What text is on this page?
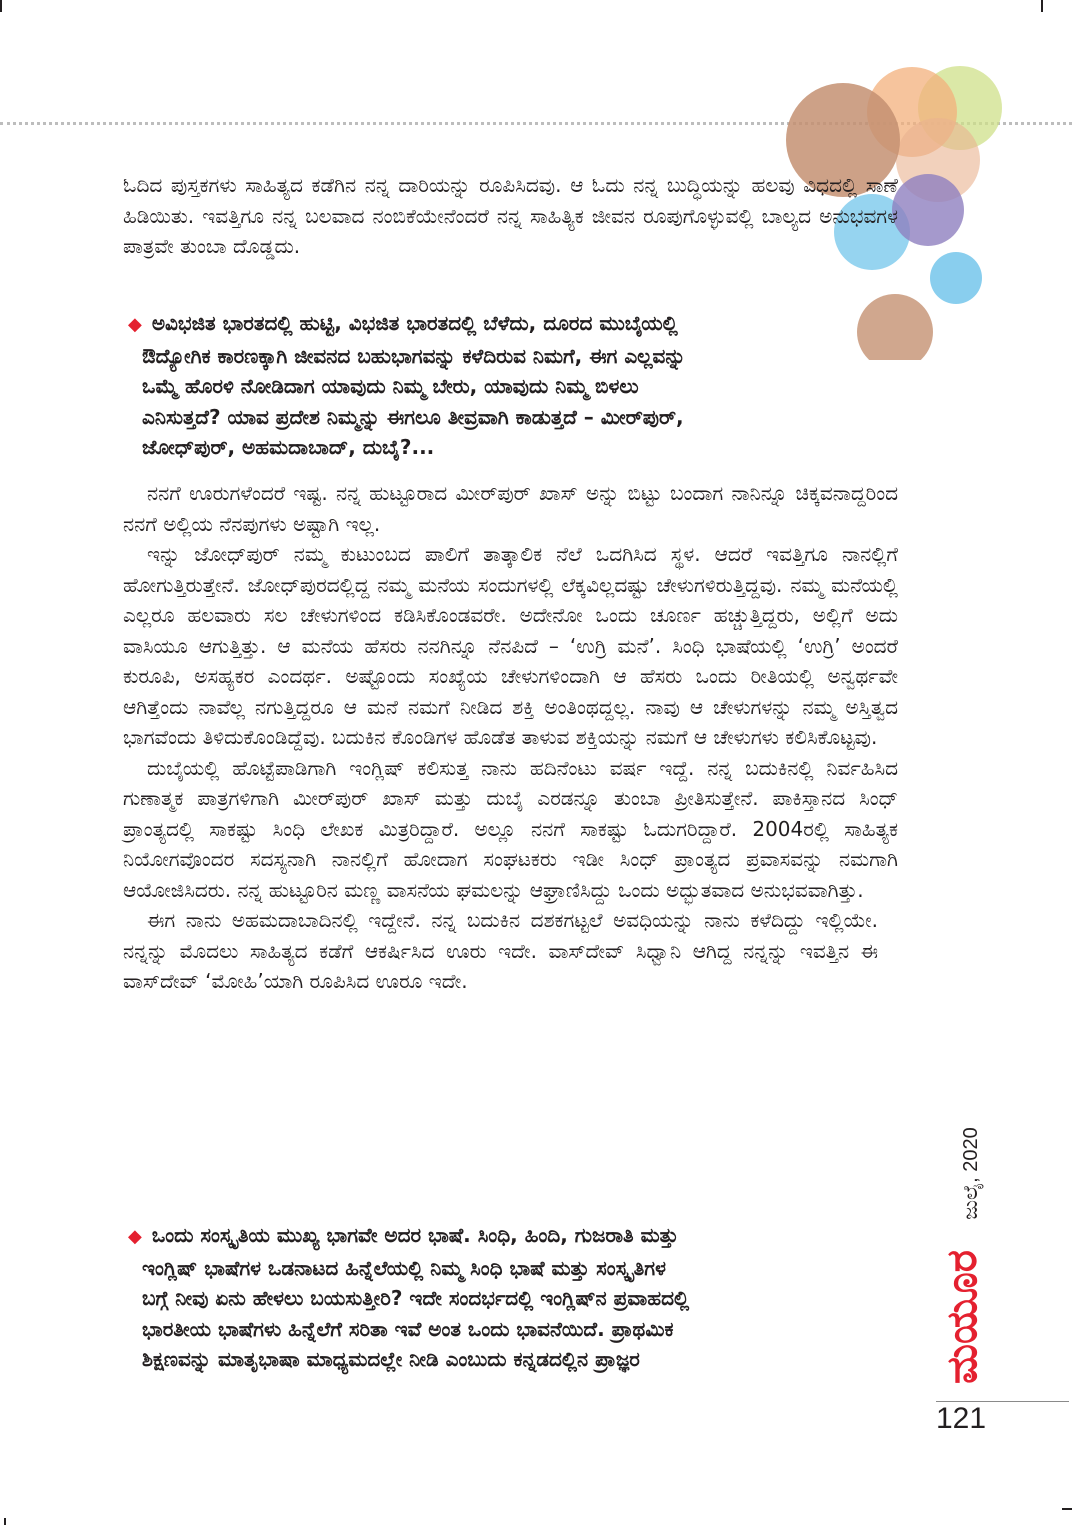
ಓದಿದ ಪುಸ್ತಕಗಳು ಸಾಹಿತ್ಯದ ಕಡೆಗಿನ ನನ್ನ ದಾರಿಯನ್ನು ರೂಪಿಸಿದವು. ಆ ಓದು ನನ್ನ ಬುದ್ಧಿಯನ್ನು ಹಲವು ವಿಧದಲ್ಲಿ ಸಾಣೆ ಹಿಡಿಯಿತು. ಇವತ್ತಿಗೂ ನನ್ನ ಬಲವಾದ ನಂಬಿಕೆಯೇನೆಂದರೆ ನನ್ನ ಸಾಹಿತ್ಯಿಕ ಜೀವನ ರೂಪುಗೊಳ್ಳುವಲ್ಲಿ ಬಾಲ್ಯದ ಅನುಭವಗಳ ಪಾತ್ರವೇ ತುಂಬಾ ದೊಡ್ಡದು.

◆ ಅವಿಭಜಿತ ಭಾರತದಲ್ಲಿ ಹುಟ್ಟಿ, ವಿಭಜಿತ ಭಾರತದಲ್ಲಿ ಬೆಳೆದು, ದೂರದ ಮುಬೈಯಲ್ಲಿ

ಔದ್ಯೋಗಿಕ ಕಾರಣಕ್ಕಾಗಿ ಜೀವನದ ಬಹುಭಾಗವನ್ನು ಕಳೆದಿರುವ ನಿಮಗೆ, ಈಗ ಎಲ್ಲವನ್ನು

ಒಮ್ಮೆ ಹೊರಳಿ ನೋಡಿದಾಗ ಯಾವುದು ನಿಮ್ಮ ಬೇರು, ಯಾವುದು ನಿಮ್ಮ ಬಿಳಲು

ಎನಿಸುತ್ತದೆ? ಯಾವ ಪ್ರದೇಶ ನಿಮ್ಮನ್ನು ಈಗಲೂ ತೀವ್ರವಾಗಿ ಕಾಡುತ್ತದೆ – ಮೀರ್‌ಪುರ್,

ಜೋಧ್‌ಪುರ್, ಅಹಮದಾಬಾದ್, ದುಬೈ?...

ನನಗೆ ಊರುಗಳೆಂದರೆ ಇಷ್ಟ. ನನ್ನ ಹುಟ್ಟೂರಾದ ಮೀರ್‌ಪುರ್ ಖಾಸ್ ಅನ್ನು ಬಿಟ್ಟು ಬಂದಾಗ ನಾನಿನ್ನೂ ಚಿಕ್ಕವನಾದ್ದರಿಂದ ನನಗೆ ಅಲ್ಲಿಯ ನೆನಪುಗಳು ಅಷ್ಟಾಗಿ ಇಲ್ಲ.

ಇನ್ನು ಜೋಧ್‌ಪುರ್ ನಮ್ಮ ಕುಟುಂಬದ ಪಾಲಿಗೆ ತಾತ್ಕಾಲಿಕ ನೆಲೆ ಒದಗಿಸಿದ ಸ್ಥಳ. ಆದರೆ ಇವತ್ತಿಗೂ ನಾನಲ್ಲಿಗೆ ಹೋಗುತ್ತಿರುತ್ತೇನೆ. ಜೋಧ್‌ಪುರದಲ್ಲಿದ್ದ ನಮ್ಮ ಮನೆಯ ಸಂದುಗಳಲ್ಲಿ ಲೆಕ್ಕವಿಲ್ಲದಷ್ಟು ಚೇಳುಗಳಿರುತ್ತಿದ್ದವು. ನಮ್ಮ ಮನೆಯಲ್ಲಿ ಎಲ್ಲರೂ ಹಲವಾರು ಸಲ ಚೇಳುಗಳಿಂದ ಕಡಿಸಿಕೊಂಡವರೇ. ಅದೇನೋ ಒಂದು ಚೂರ್ಣ ಹಚ್ಚುತ್ತಿದ್ದರು, ಅಲ್ಲಿಗೆ ಅದು ವಾಸಿಯೂ ಆಗುತ್ತಿತ್ತು. ಆ ಮನೆಯ ಹೆಸರು ನನಗಿನ್ನೂ ನೆನಪಿದೆ – ‘ಉಗ್ರಿ ಮನೆ’. ಸಿಂಧಿ ಭಾಷೆಯಲ್ಲಿ ‘ಉಗ್ರಿ’ ಅಂದರೆ ಕುರೂಪಿ, ಅಸಹ್ಯಕರ ಎಂದರ್ಥ. ಅಷ್ಟೊಂದು ಸಂಖ್ಯೆಯ ಚೇಳುಗಳಿಂದಾಗಿ ಆ ಹೆಸರು ಒಂದು ರೀತಿಯಲ್ಲಿ ಅನ್ವರ್ಥವೇ ಆಗಿತ್ತೆಂದು ನಾವೆಲ್ಲ ನಗುತ್ತಿದ್ದರೂ ಆ ಮನೆ ನಮಗೆ ನೀಡಿದ ಶಕ್ತಿ ಅಂತಿಂಥದ್ದಲ್ಲ. ನಾವು ಆ ಚೇಳುಗಳನ್ನು ನಮ್ಮ ಅಸ್ತಿತ್ವದ ಭಾಗವೆಂದು ತಿಳಿದುಕೊಂಡಿದ್ದೆವು. ಬದುಕಿನ ಕೊಂಡಿಗಳ ಹೊಡೆತ ತಾಳುವ ಶಕ್ತಿಯನ್ನು ನಮಗೆ ಆ ಚೇಳುಗಳು ಕಲಿಸಿಕೊಟ್ಟವು.

ದುಬೈಯಲ್ಲಿ ಹೊಟ್ಟೆಪಾಡಿಗಾಗಿ ಇಂಗ್ಲಿಷ್ ಕಲಿಸುತ್ತ ನಾನು ಹದಿನೆಂಟು ವರ್ಷ ಇದ್ದೆ. ನನ್ನ ಬದುಕಿನಲ್ಲಿ ನಿರ್ವಹಿಸಿದ ಗುಣಾತ್ಮಕ ಪಾತ್ರಗಳಿಗಾಗಿ ಮೀರ್‌ಪುರ್ ಖಾಸ್ ಮತ್ತು ದುಬೈ ಎರಡನ್ನೂ ತುಂಬಾ ಪ್ರೀತಿಸುತ್ತೇನೆ. ಪಾಕಿಸ್ತಾನದ ಸಿಂಧ್ ಪ್ರಾಂತ್ಯದಲ್ಲಿ ಸಾಕಷ್ಟು ಸಿಂಧಿ ಲೇಖಕ ಮಿತ್ರರಿದ್ದಾರೆ. ಅಲ್ಲೂ ನನಗೆ ಸಾಕಷ್ಟು ಓದುಗರಿದ್ದಾರೆ. 2004ರಲ್ಲಿ ಸಾಹಿತ್ಯಕ ನಿಯೋಗವೊಂದರ ಸದಸ್ಯನಾಗಿ ನಾನಲ್ಲಿಗೆ ಹೋದಾಗ ಸಂಘಟಕರು ಇಡೀ ಸಿಂಧ್ ಪ್ರಾಂತ್ಯದ ಪ್ರವಾಸವನ್ನು ನಮಗಾಗಿ ಆಯೋಜಿಸಿದರು. ನನ್ನ ಹುಟ್ಟೂರಿನ ಮಣ್ಣ ವಾಸನೆಯ ಘಮಲನ್ನು ಆಘ್ರಾಣಿಸಿದ್ದು ಒಂದು ಅದ್ಭುತವಾದ ಅನುಭವವಾಗಿತ್ತು.

ಈಗ ನಾನು ಅಹಮದಾಬಾದಿನಲ್ಲಿ ಇದ್ದೇನೆ. ನನ್ನ ಬದುಕಿನ ದಶಕಗಟ್ಟಲೆ ಅವಧಿಯನ್ನು ನಾನು ಕಳೆದಿದ್ದು ಇಲ್ಲಿಯೇ. ನನ್ನನ್ನು ಮೊದಲು ಸಾಹಿತ್ಯದ ಕಡೆಗೆ ಆಕರ್ಷಿಸಿದ ಊರು ಇದೇ. ವಾಸ್‌ದೇವ್ ಸಿಧ್ವಾನಿ ಆಗಿದ್ದ ನನ್ನನ್ನು ಇವತ್ತಿನ ಈ ವಾಸ್‌ದೇವ್ ‘ಮೋಹಿ’ಯಾಗಿ ರೂಪಿಸಿದ ಊರೂ ಇದೇ.

◆ ಒಂದು ಸಂಸ್ಕೃತಿಯ ಮುಖ್ಯ ಭಾಗವೇ ಅದರ ಭಾಷೆ. ಸಿಂಧಿ, ಹಿಂದಿ, ಗುಜರಾತಿ ಮತ್ತು

ಇಂಗ್ಲಿಷ್ ಭಾಷೆಗಳ ಒಡನಾಟದ ಹಿನ್ನೆಲೆಯಲ್ಲಿ ನಿಮ್ಮ ಸಿಂಧಿ ಭಾಷೆ ಮತ್ತು ಸಂಸ್ಕೃತಿಗಳ

ಬಗ್ಗೆ ನೀವು ಏನು ಹೇಳಲು ಬಯಸುತ್ತೀರಿ? ಇದೇ ಸಂದರ್ಭದಲ್ಲಿ ಇಂಗ್ಲಿಷ್‌ನ ಪ್ರವಾಹದಲ್ಲಿ

ಭಾರತೀಯ ಭಾಷೆಗಳು ಹಿನ್ನೆಲೆಗೆ ಸರಿತಾ ಇವೆ ಅಂತ ಒಂದು ಭಾವನೆಯಿದೆ. ಪ್ರಾಥಮಿಕ

ಶಿಕ್ಷಣವನ್ನು ಮಾತೃಭಾಷಾ ಮಾಧ್ಯಮದಲ್ಲೇ ನೀಡಿ ಎಂಬುದು ಕನ್ನಡದಲ್ಲಿನ ಪ್ರಾಜ್ಞರ

ಜುಲೈ, 2020
ಮಯೂರ
121
